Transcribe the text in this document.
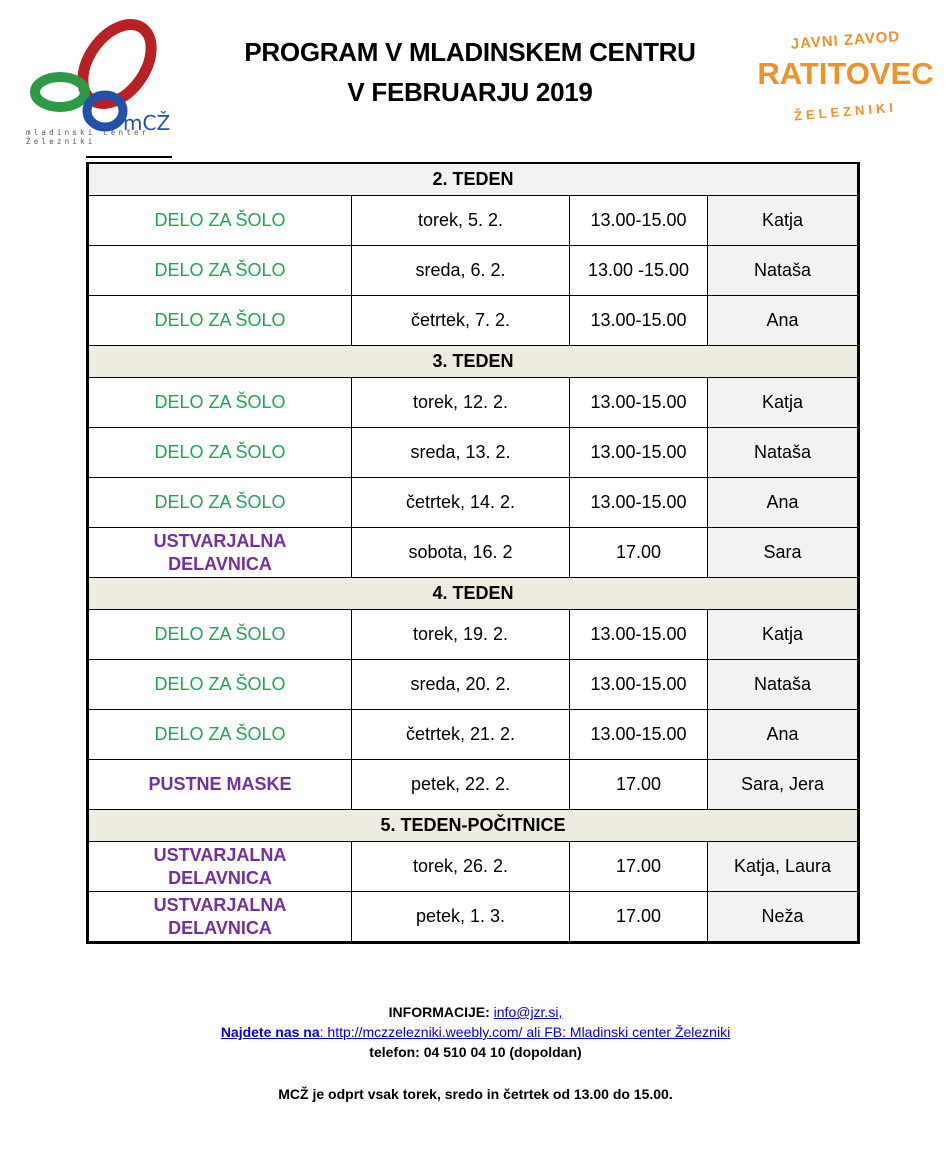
mCŽ
mladinski center
Železniki
PROGRAM V MLADINSKEM CENTRU
V FEBRUARJU 2019
JAVNI ZAVOD
RATITOVEC
ŽELEZNIKI
2. TEDEN			
DELO ZA ŠOLO	torek, 5. 2.	13.00-15.00	Katja
DELO ZA ŠOLO	sreda, 6. 2.	13.00 -15.00	Nataša
DELO ZA ŠOLO	četrtek, 7. 2.	13.00-15.00	Ana
3. TEDEN			
DELO ZA ŠOLO	torek, 12. 2.	13.00-15.00	Katja
DELO ZA ŠOLO	sreda, 13. 2.	13.00-15.00	Nataša
DELO ZA ŠOLO	četrtek, 14. 2.	13.00-15.00	Ana

USTVARJALNA
DELAVNICA	sobota, 16. 2	17.00	Sara
4. TEDEN			
DELO ZA ŠOLO	torek, 19. 2.	13.00-15.00	Katja
DELO ZA ŠOLO	sreda, 20. 2.	13.00-15.00	Nataša
DELO ZA ŠOLO	četrtek, 21. 2.	13.00-15.00	Ana
PUSTNE MASKE	petek, 22. 2.	17.00	Sara, Jera
5. TEDEN-POČITNICE			

USTVARJALNA
DELAVNICA	torek, 26. 2.	17.00	Katja, Laura

USTVARJALNA
DELAVNICA	petek, 1. 3.	17.00	Neža
INFORMACIJE: info@jzr.si,
Najdete nas na: http://mczzelezniki.weebly.com/ ali FB: Mladinski center Železniki
telefon: 04 510 04 10 (dopoldan)
MCŽ je odprt vsak torek, sredo in četrtek od 13.00 do 15.00.
